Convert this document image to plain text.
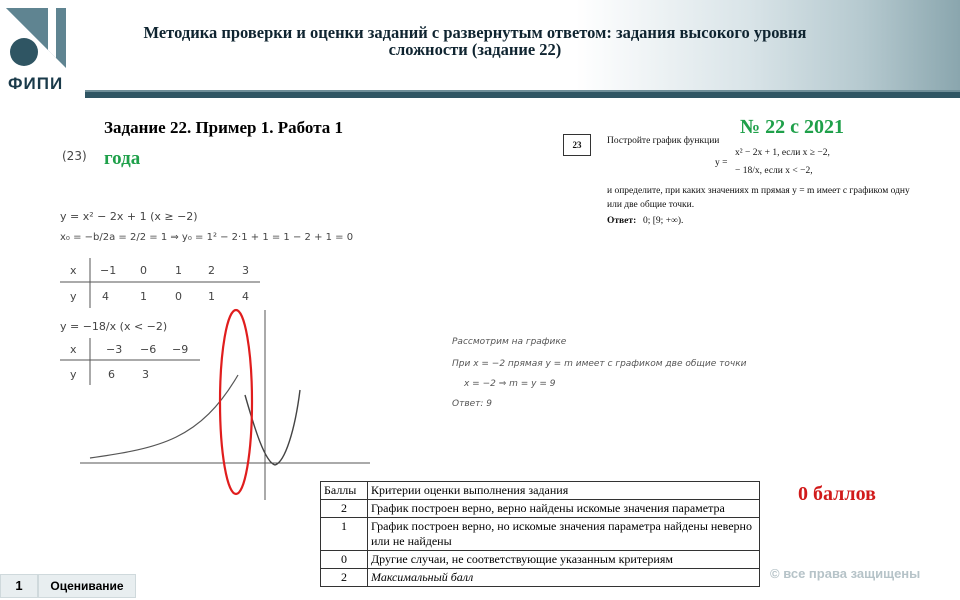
ФИПИ
Методика проверки и оценки заданий с развернутым ответом: задания высокого уровня сложности (задание 22)
Задание 22. Пример 1. Работа 1	№ 22 с 2021
года
(23)
y = x² − 2x + 1 (x ≥ −2)
x₀ = −b/2a = 2/2 = 1 ⇒ y₀ = 1² − 2·1 + 1 = 1 − 2 + 1 = 0
x −1 0	1 2 3
y 4	1	0 1 4
y = −18/x (x < −2)
x	−3 −6 −9
y	6 3
23	Постройте график функции
y =
x² − 2x + 1, если x ≥ −2,
− 18/x, если x < −2,
и определите, при каких значениях m прямая y = m имеет с графиком одну
или две общие точки.
Ответ: 0; [9; +∞).
Рассмотрим на графике
При x = −2 прямая y = m имеет с графиком две общие точки
x = −2 ⇒ m = y = 9
Ответ: 9
0 баллов
Баллы	Критерии оценки выполнения задания
2	График построен верно, верно найдены искомые значения параметра
1	График построен верно, но искомые значения параметра найдены неверно или не найдены
0	Другие случаи, не соответствующие указанным критериям
2	Максимальный балл	© все права защищены
1	Оценивание
